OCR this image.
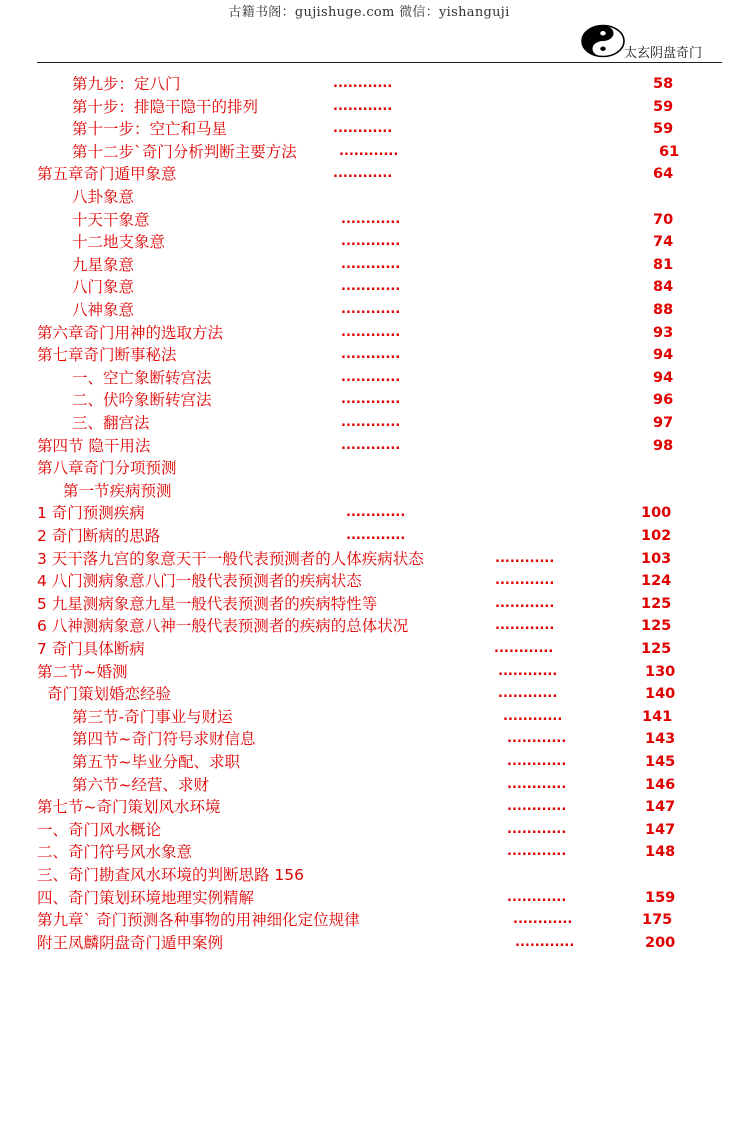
古籍书阁：gujishuge.com 微信：yishanguji
太玄阴盘奇门
第九步：定八门	............	58
第十步：排隐干隐干的排列	............	59
第十一步：空亡和马星	............	59
第十二步`奇门分析判断主要方法	............	61
第五章奇门遁甲象意	............	64
八卦象意
十天干象意	............	70
十二地支象意	............	74
九星象意	............	81
八门象意	............	84
八神象意	............	88
第六章奇门用神的选取方法	............	93
第七章奇门断事秘法	............	94
一、空亡象断转宫法	............	94
二、伏吟象断转宫法	............	96
三、翻宫法	............	97
第四节 隐干用法	............	98
第八章奇门分项预测
第一节疾病预测
1 奇门预测疾病	............	100
2 奇门断病的思路	............	102
3 天干落九宫的象意天干一般代表预测者的人体疾病状态	............	103
4 八门测病象意八门一般代表预测者的疾病状态	............	124
5 九星测病象意九星一般代表预测者的疾病特性等	............	125
6 八神测病象意八神一般代表预测者的疾病的总体状况	............	125
7 奇门具体断病	............	125
第二节~婚测	............	130
奇门策划婚恋经验	............	140
第三节-奇门事业与财运	............	141
第四节~奇门符号求财信息	............	143
第五节~毕业分配、求职	............	145
第六节~经营、求财	............	146
第七节~奇门策划风水环境	............	147
一、奇门风水概论	............	147
二、奇门符号风水象意	............	148
三、奇门勘查风水环境的判断思路 156
四、奇门策划环境地理实例精解	............	159
第九章` 奇门预测各种事物的用神细化定位规律	............	175
附王凤麟阴盘奇门遁甲案例	............	200
